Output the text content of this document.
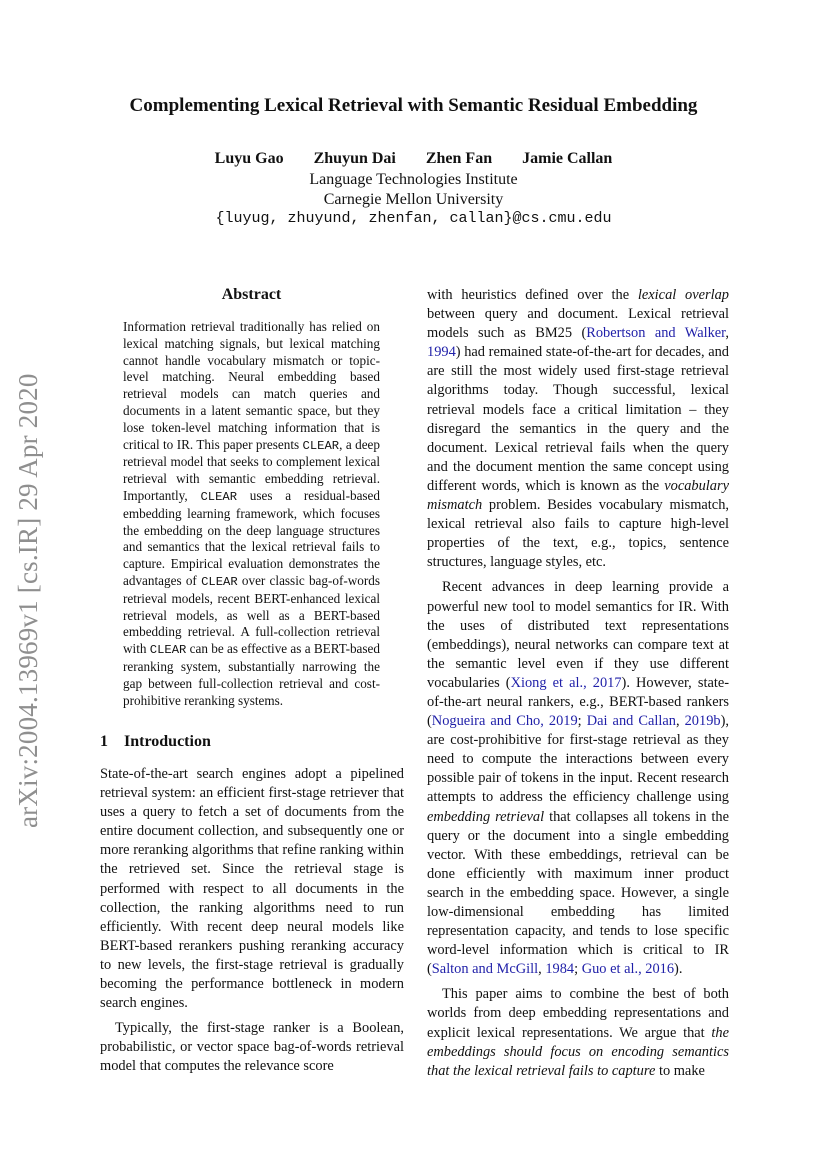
arXiv:2004.13969v1 [cs.IR] 29 Apr 2020
Complementing Lexical Retrieval with Semantic Residual Embedding
Luyu Gao Zhuyun Dai Zhen Fan Jamie Callan
Language Technologies Institute
Carnegie Mellon University
{luyug, zhuyund, zhenfan, callan}@cs.cmu.edu
Abstract
Information retrieval traditionally has relied on lexical matching signals, but lexical matching cannot handle vocabulary mismatch or topic-level matching. Neural embedding based retrieval models can match queries and documents in a latent semantic space, but they lose token-level matching information that is critical to IR. This paper presents CLEAR, a deep retrieval model that seeks to complement lexical retrieval with semantic embedding retrieval. Importantly, CLEAR uses a residual-based embedding learning framework, which focuses the embedding on the deep language structures and semantics that the lexical retrieval fails to capture. Empirical evaluation demonstrates the advantages of CLEAR over classic bag-of-words retrieval models, recent BERT-enhanced lexical retrieval models, as well as a BERT-based embedding retrieval. A full-collection retrieval with CLEAR can be as effective as a BERT-based reranking system, substantially narrowing the gap between full-collection retrieval and cost-prohibitive reranking systems.
1 Introduction

State-of-the-art search engines adopt a pipelined retrieval system: an efficient first-stage retriever that uses a query to fetch a set of documents from the entire document collection, and subsequently one or more reranking algorithms that refine ranking within the retrieved set. Since the retrieval stage is performed with respect to all documents in the collection, the ranking algorithms need to run efficiently. With recent deep neural models like BERT-based rerankers pushing reranking accuracy to new levels, the first-stage retrieval is gradually becoming the performance bottleneck in modern search engines.

Typically, the first-stage ranker is a Boolean, probabilistic, or vector space bag-of-words retrieval model that computes the relevance score

with heuristics defined over the lexical overlap between query and document. Lexical retrieval models such as BM25 (Robertson and Walker, 1994) had remained state-of-the-art for decades, and are still the most widely used first-stage retrieval algorithms today. Though successful, lexical retrieval models face a critical limitation – they disregard the semantics in the query and the document. Lexical retrieval fails when the query and the document mention the same concept using different words, which is known as the vocabulary mismatch problem. Besides vocabulary mismatch, lexical retrieval also fails to capture high-level properties of the text, e.g., topics, sentence structures, language styles, etc.

Recent advances in deep learning provide a powerful new tool to model semantics for IR. With the uses of distributed text representations (embeddings), neural networks can compare text at the semantic level even if they use different vocabularies (Xiong et al., 2017). However, state-of-the-art neural rankers, e.g., BERT-based rankers (Nogueira and Cho, 2019; Dai and Callan, 2019b), are cost-prohibitive for first-stage retrieval as they need to compute the interactions between every possible pair of tokens in the input. Recent research attempts to address the efficiency challenge using embedding retrieval that collapses all tokens in the query or the document into a single embedding vector. With these embeddings, retrieval can be done efficiently with maximum inner product search in the embedding space. However, a single low-dimensional embedding has limited representation capacity, and tends to lose specific word-level information which is critical to IR (Salton and McGill, 1984; Guo et al., 2016).

This paper aims to combine the best of both worlds from deep embedding representations and explicit lexical representations. We argue that the embeddings should focus on encoding semantics that the lexical retrieval fails to capture to make
